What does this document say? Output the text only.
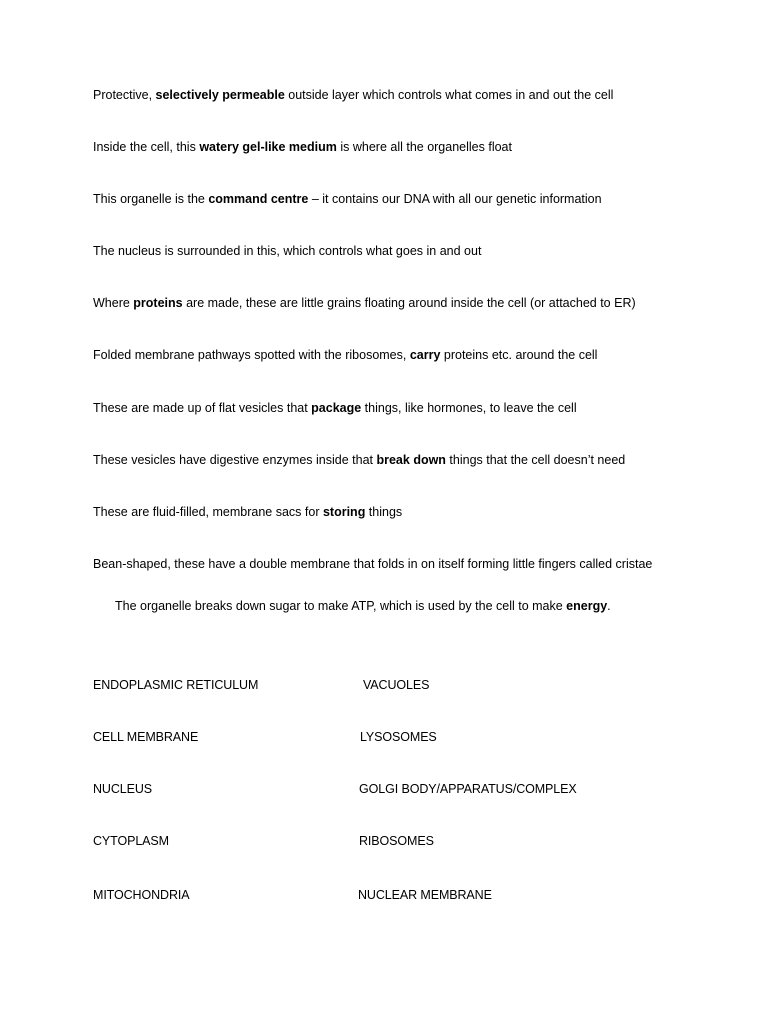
Protective, selectively permeable outside layer which controls what comes in and out the cell

Inside the cell, this watery gel-like medium is where all the organelles float

This organelle is the command centre – it contains our DNA with all our genetic information

The nucleus is surrounded in this, which controls what goes in and out

Where proteins are made, these are little grains floating around inside the cell (or attached to ER)

Folded membrane pathways spotted with the ribosomes, carry proteins etc. around the cell

These are made up of flat vesicles that package things, like hormones, to leave the cell

These vesicles have digestive enzymes inside that break down things that the cell doesn’t need

These are fluid-filled, membrane sacs for storing things

Bean-shaped, these have a double membrane that folds in on itself forming little fingers called cristae

The organelle breaks down sugar to make ATP, which is used by the cell to make energy.

ENDOPLASMIC RETICULUM

CELL MEMBRANE

NUCLEUS

CYTOPLASM

MITOCHONDRIA

VACUOLES

LYSOSOMES

GOLGI BODY/APPARATUS/COMPLEX

RIBOSOMES

NUCLEAR MEMBRANE
